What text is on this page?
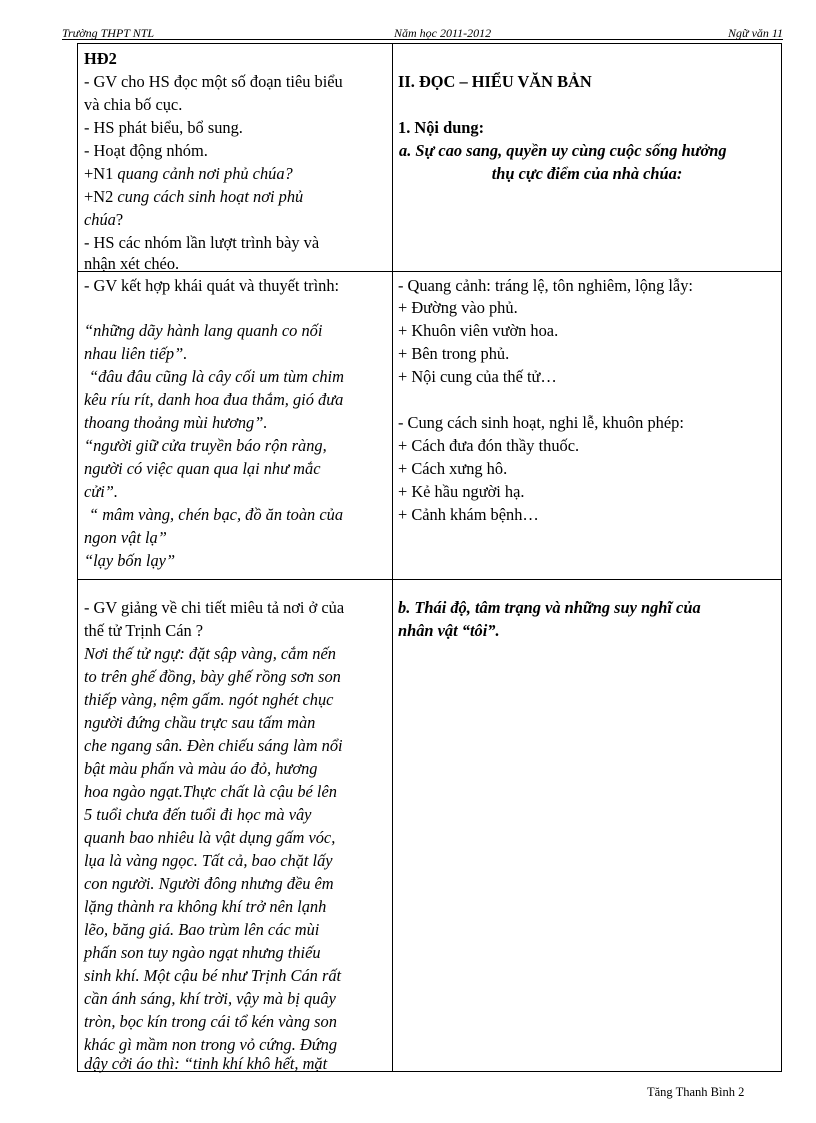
Trường THPT NTL	Năm học 2011-2012	Ngữ văn 11
HĐ2
- GV cho HS đọc một số đoạn tiêu biểu
và chia bố cục.
- HS phát biểu, bổ sung.
- Hoạt động nhóm.
+N1 quang cảnh nơi phủ chúa?
+N2 cung cách sinh hoạt nơi phủ
chúa?
- HS các nhóm lần lượt trình bày và
nhận xét chéo.
- GV kết hợp khái quát và thuyết trình:
“những dãy hành lang quanh co nối
nhau liên tiếp”.
“đâu đâu cũng là cây cối um tùm chim
kêu ríu rít, danh hoa đua thắm, gió đưa
thoang thoảng mùi hương”.
“người giữ cửa truyền báo rộn ràng,
người có việc quan qua lại như mắc
cửi”.
“ mâm vàng, chén bạc, đồ ăn toàn của
ngon vật lạ”
“lạy bốn lạy”
- GV giảng về chi tiết miêu tả nơi ở của
thế tử Trịnh Cán ?
Nơi thế tử ngự: đặt sập vàng, cắm nến
to trên ghế đồng, bày ghế rồng sơn son
thiếp vàng, nệm gấm. ngót nghét chục
người đứng chầu trực sau tấm màn
che ngang sân. Đèn chiếu sáng làm nổi
bật màu phấn và màu áo đỏ, hương
hoa ngào ngạt.Thực chất là cậu bé lên
5 tuổi chưa đến tuổi đi học mà vây
quanh bao nhiêu là vật dụng gấm vóc,
lụa là vàng ngọc. Tất cả, bao chặt lấy
con người. Người đông nhưng đều êm
lặng thành ra không khí trở nên lạnh
lẽo, băng giá. Bao trùm lên các mùi
phấn son tuy ngào ngạt nhưng thiếu
sinh khí. Một cậu bé như Trịnh Cán rất
cần ánh sáng, khí trời, vậy mà bị quây
tròn, bọc kín trong cái tổ kén vàng son
khác gì mầm non trong vỏ cứng. Đứng
dậy cởi áo thì: “tinh khí khô hết, mặt
II. ĐỌC – HIỂU VĂN BẢN
1. Nội dung:
a. Sự cao sang, quyền uy cùng cuộc sống hưởng
thụ cực điểm của nhà chúa:
- Quang cảnh: tráng lệ, tôn nghiêm, lộng lẫy:
+ Đường vào phủ.
+ Khuôn viên vườn hoa.
+ Bên trong phủ.
+ Nội cung của thế tử…
- Cung cách sinh hoạt, nghi lễ, khuôn phép:
+ Cách đưa đón thầy thuốc.
+ Cách xưng hô.
+ Kẻ hầu người hạ.
+ Cảnh khám bệnh…
b. Thái độ, tâm trạng và những suy nghĩ của
nhân vật “tôi”.
Tăng Thanh Bình 2
